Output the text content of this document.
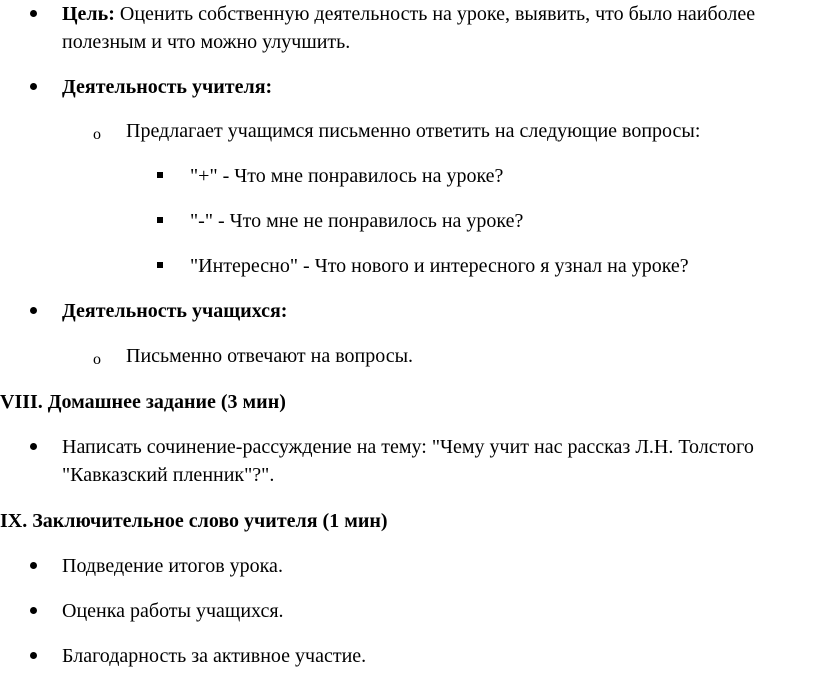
Цель: Оценить собственную деятельность на уроке, выявить, что было наиболее
полезным и что можно улучшить.
Деятельность учителя:
o Предлагает учащимся письменно ответить на следующие вопросы:
"+" - Что мне понравилось на уроке?
"-" - Что мне не понравилось на уроке?
"Интересно" - Что нового и интересного я узнал на уроке?
Деятельность учащихся:
o Письменно отвечают на вопросы.
VIII. Домашнее задание (3 мин)
Написать сочинение-рассуждение на тему: "Чему учит нас рассказ Л.Н. Толстого
"Кавказский пленник"?".
IX. Заключительное слово учителя (1 мин)
Подведение итогов урока.
Оценка работы учащихся.
Благодарность за активное участие.
